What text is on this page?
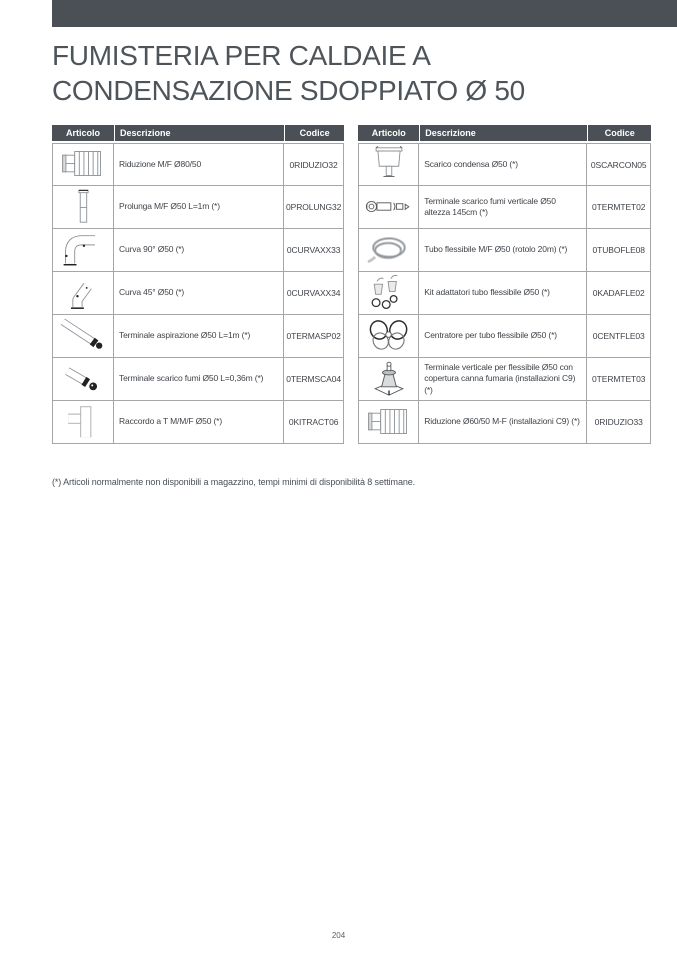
FUMISTERIA PER CALDAIE A
CONDENSAZIONE SDOPPIATO Ø 50
Articolo	Descrizione	Codice
	Riduzione M/F Ø80/50	0RIDUZIO32
	Prolunga M/F Ø50 L=1m (*)	0PROLUNG32
	Curva 90° Ø50 (*)	0CURVAXX33
	Curva 45° Ø50 (*)	0CURVAXX34
	Terminale aspirazione Ø50 L=1m (*)	0TERMASP02
	Terminale scarico fumi Ø50 L=0,36m (*)	0TERMSCA04
	Raccordo a T M/M/F Ø50 (*)	0KITRACT06
Articolo	Descrizione	Codice
	Scarico condensa Ø50 (*)	0SCARCON05
	Terminale scarico fumi verticale Ø50 altezza 145cm (*)	0TERMTET02
	Tubo flessibile M/F Ø50 (rotolo 20m) (*)	0TUBOFLE08
	Kit adattatori tubo flessibile Ø50 (*)	0KADAFLE02
	Centratore per tubo flessibile Ø50 (*)	0CENTFLE03
	Terminale verticale per flessibile Ø50 con copertura canna fumaria (installazioni C9) (*)	0TERMTET03
	Riduzione Ø60/50 M-F (installazioni C9) (*)	0RIDUZIO33

(*) Articoli normalmente non disponibili a magazzino, tempi minimi di disponibilità 8 settimane.

204
